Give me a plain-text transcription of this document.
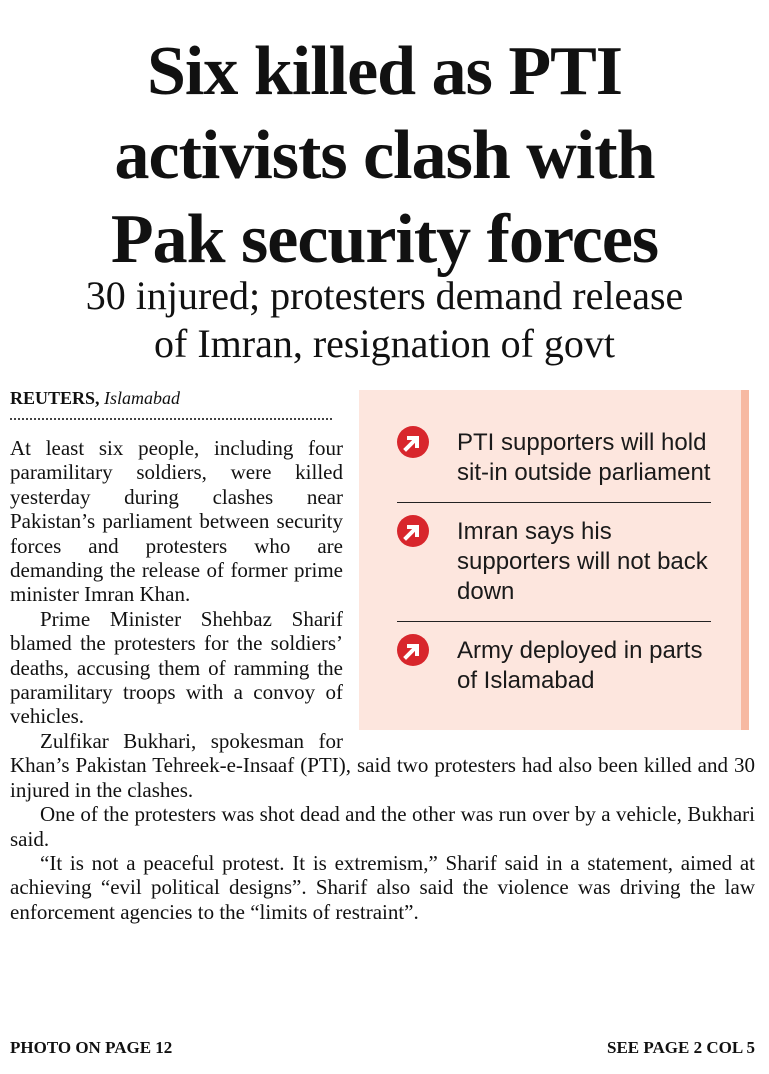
Six killed as PTI
activists clash with
Pak security forces
30 injured; protesters demand release
of Imran, resignation of govt
REUTERS, Islamabad
PTI supporters will hold sit-in outside parliament
Imran says his supporters will not back down
Army deployed in parts of Islamabad

At least six people, including four paramilitary soldiers, were killed yesterday during clashes near Pakistan’s parliament between security forces and protesters who are demanding the release of former prime minister Imran Khan.

Prime Minister Shehbaz Sharif blamed the protesters for the soldiers’ deaths, accusing them of ramming the paramilitary troops with a convoy of vehicles.

Zulfikar Bukhari, spokesman for Khan’s Pakistan Tehreek-e-Insaaf (PTI), said two protesters had also been killed and 30 injured in the clashes.

One of the protesters was shot dead and the other was run over by a vehicle, Bukhari said.

“It is not a peaceful protest. It is extremism,” Sharif said in a statement, aimed at achieving “evil political designs”. Sharif also said the violence was driving the law enforcement agencies to the “limits of restraint”.

PHOTO ON PAGE 12	SEE PAGE 2 COL 5
